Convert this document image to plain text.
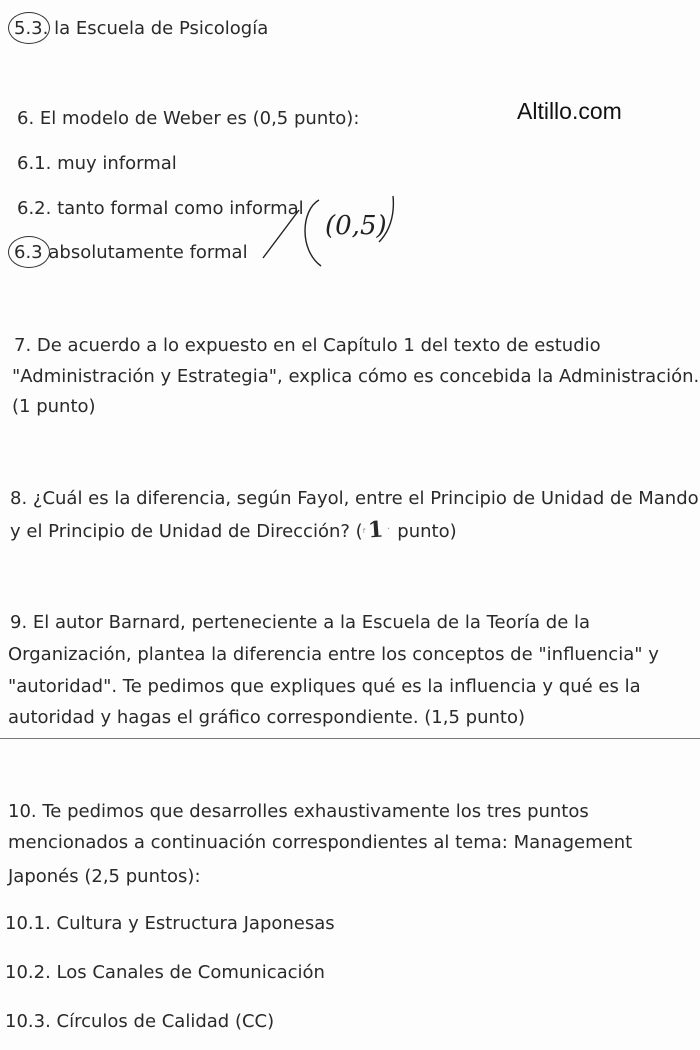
5.3. la Escuela de Psicología
Altillo.com
6. El modelo de Weber es (0,5 punto):
6.1. muy informal
6.2. tanto formal como informal
6.3 absolutamente formal
(0,5)
7. De acuerdo a lo expuesto en el Capítulo 1 del texto de estudio
"Administración y Estrategia", explica cómo es concebida la Administración.
(1 punto)
8. ¿Cuál es la diferencia, según Fayol, entre el Principio de Unidad de Mando
y el Principio de Unidad de Dirección? (ᶠ1˙ punto)
9. El autor Barnard, perteneciente a la Escuela de la Teoría de la
Organización, plantea la diferencia entre los conceptos de "influencia" y
"autoridad". Te pedimos que expliques qué es la influencia y qué es la
autoridad y hagas el gráfico correspondiente. (1,5 punto)
10. Te pedimos que desarrolles exhaustivamente los tres puntos
mencionados a continuación correspondientes al tema: Management
Japonés (2,5 puntos):
10.1. Cultura y Estructura Japonesas
10.2. Los Canales de Comunicación
10.3. Círculos de Calidad (CC)
